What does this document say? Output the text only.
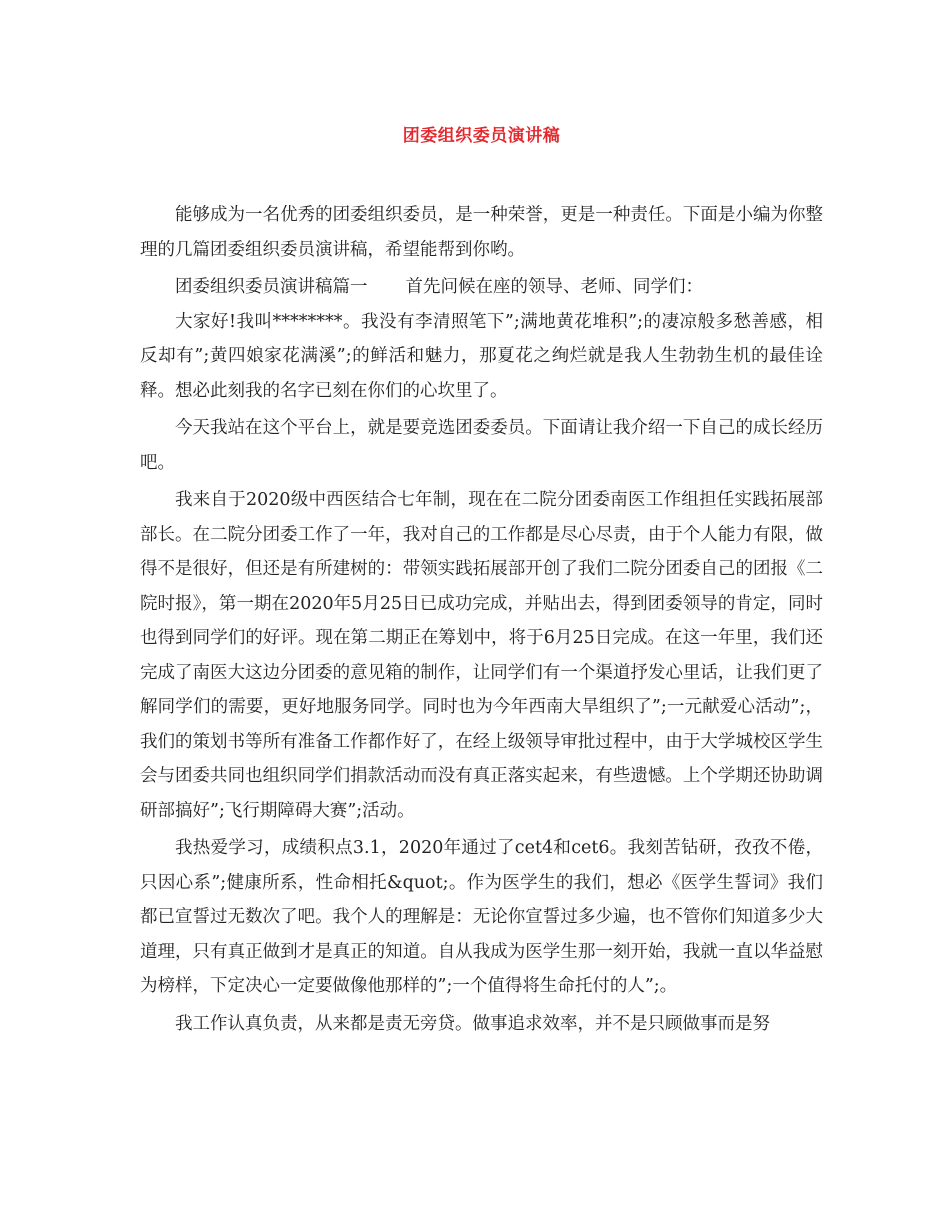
团委组织委员演讲稿

能够成为一名优秀的团委组织委员，是一种荣誉，更是一种责任。下面是小编为你整理的几篇团委组织委员演讲稿，希望能帮到你哟。

团委组织委员演讲稿篇一 首先问候在座的领导、老师、同学们：

大家好!我叫********。我没有李清照笔下”;满地黄花堆积”;的凄凉般多愁善感，相反却有”;黄四娘家花满溪”;的鲜活和魅力，那夏花之绚烂就是我人生勃勃生机的最佳诠释。想必此刻我的名字已刻在你们的心坎里了。

今天我站在这个平台上，就是要竞选团委委员。下面请让我介绍一下自己的成长经历吧。

我来自于2020级中西医结合七年制，现在在二院分团委南医工作组担任实践拓展部部长。在二院分团委工作了一年，我对自己的工作都是尽心尽责，由于个人能力有限，做得不是很好，但还是有所建树的：带领实践拓展部开创了我们二院分团委自己的团报《二院时报》，第一期在2020年5月25日已成功完成，并贴出去，得到团委领导的肯定，同时也得到同学们的好评。现在第二期正在筹划中，将于6月25日完成。在这一年里，我们还完成了南医大这边分团委的意见箱的制作，让同学们有一个渠道抒发心里话，让我们更了解同学们的需要，更好地服务同学。同时也为今年西南大旱组织了”;一元献爱心活动”;，我们的策划书等所有准备工作都作好了，在经上级领导审批过程中，由于大学城校区学生会与团委共同也组织同学们捐款活动而没有真正落实起来，有些遗憾。上个学期还协助调研部搞好”;飞行期障碍大赛”;活动。

我热爱学习，成绩积点3.1，2020年通过了cet4和cet6。我刻苦钻研，孜孜不倦，只因心系”;健康所系，性命相托&quot;。作为医学生的我们，想必《医学生誓词》我们都已宣誓过无数次了吧。我个人的理解是：无论你宣誓过多少遍，也不管你们知道多少大道理，只有真正做到才是真正的知道。自从我成为医学生那一刻开始，我就一直以华益慰为榜样，下定决心一定要做像他那样的”;一个值得将生命托付的人”;。

我工作认真负责，从来都是责无旁贷。做事追求效率，并不是只顾做事而是努
